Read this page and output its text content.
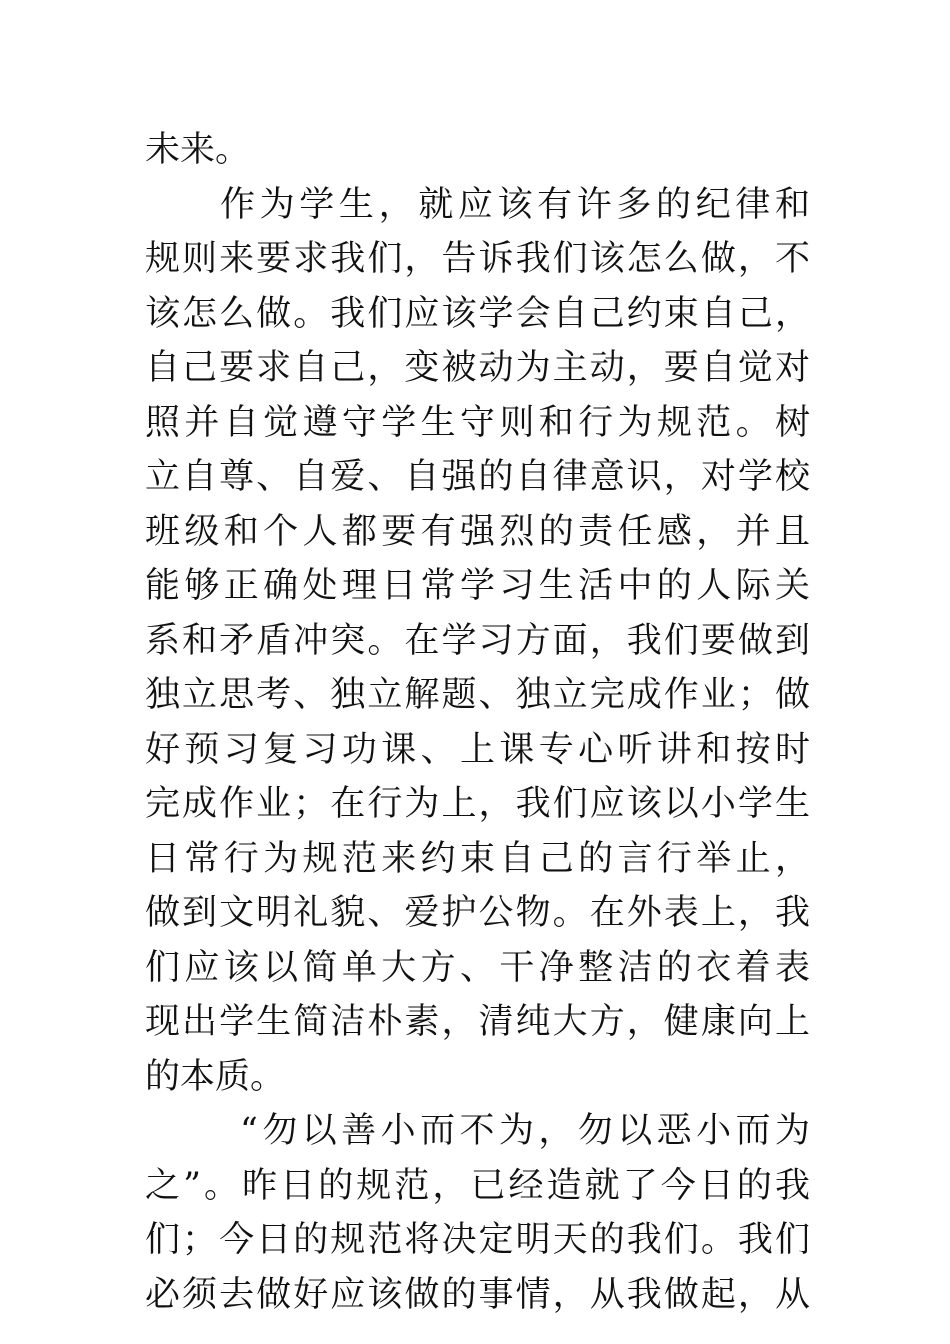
未来。
作为学生，就应该有许多的纪律和
规则来要求我们，告诉我们该怎么做，不
该怎么做。我们应该学会自己约束自己，
自己要求自己，变被动为主动，要自觉对
照并自觉遵守学生守则和行为规范。树
立自尊、自爱、自强的自律意识，对学校
班级和个人都要有强烈的责任感，并且
能够正确处理日常学习生活中的人际关
系和矛盾冲突。在学习方面，我们要做到
独立思考、独立解题、独立完成作业；做
好预习复习功课、上课专心听讲和按时
完成作业；在行为上，我们应该以小学生
日常行为规范来约束自己的言行举止，
做到文明礼貌、爱护公物。在外表上，我
们应该以简单大方、干净整洁的衣着表
现出学生简洁朴素，清纯大方，健康向上
的本质。
“勿以善小而不为，勿以恶小而为
之”。昨日的规范，已经造就了今日的我
们；今日的规范将决定明天的我们。我们
必须去做好应该做的事情，从我做起，从
